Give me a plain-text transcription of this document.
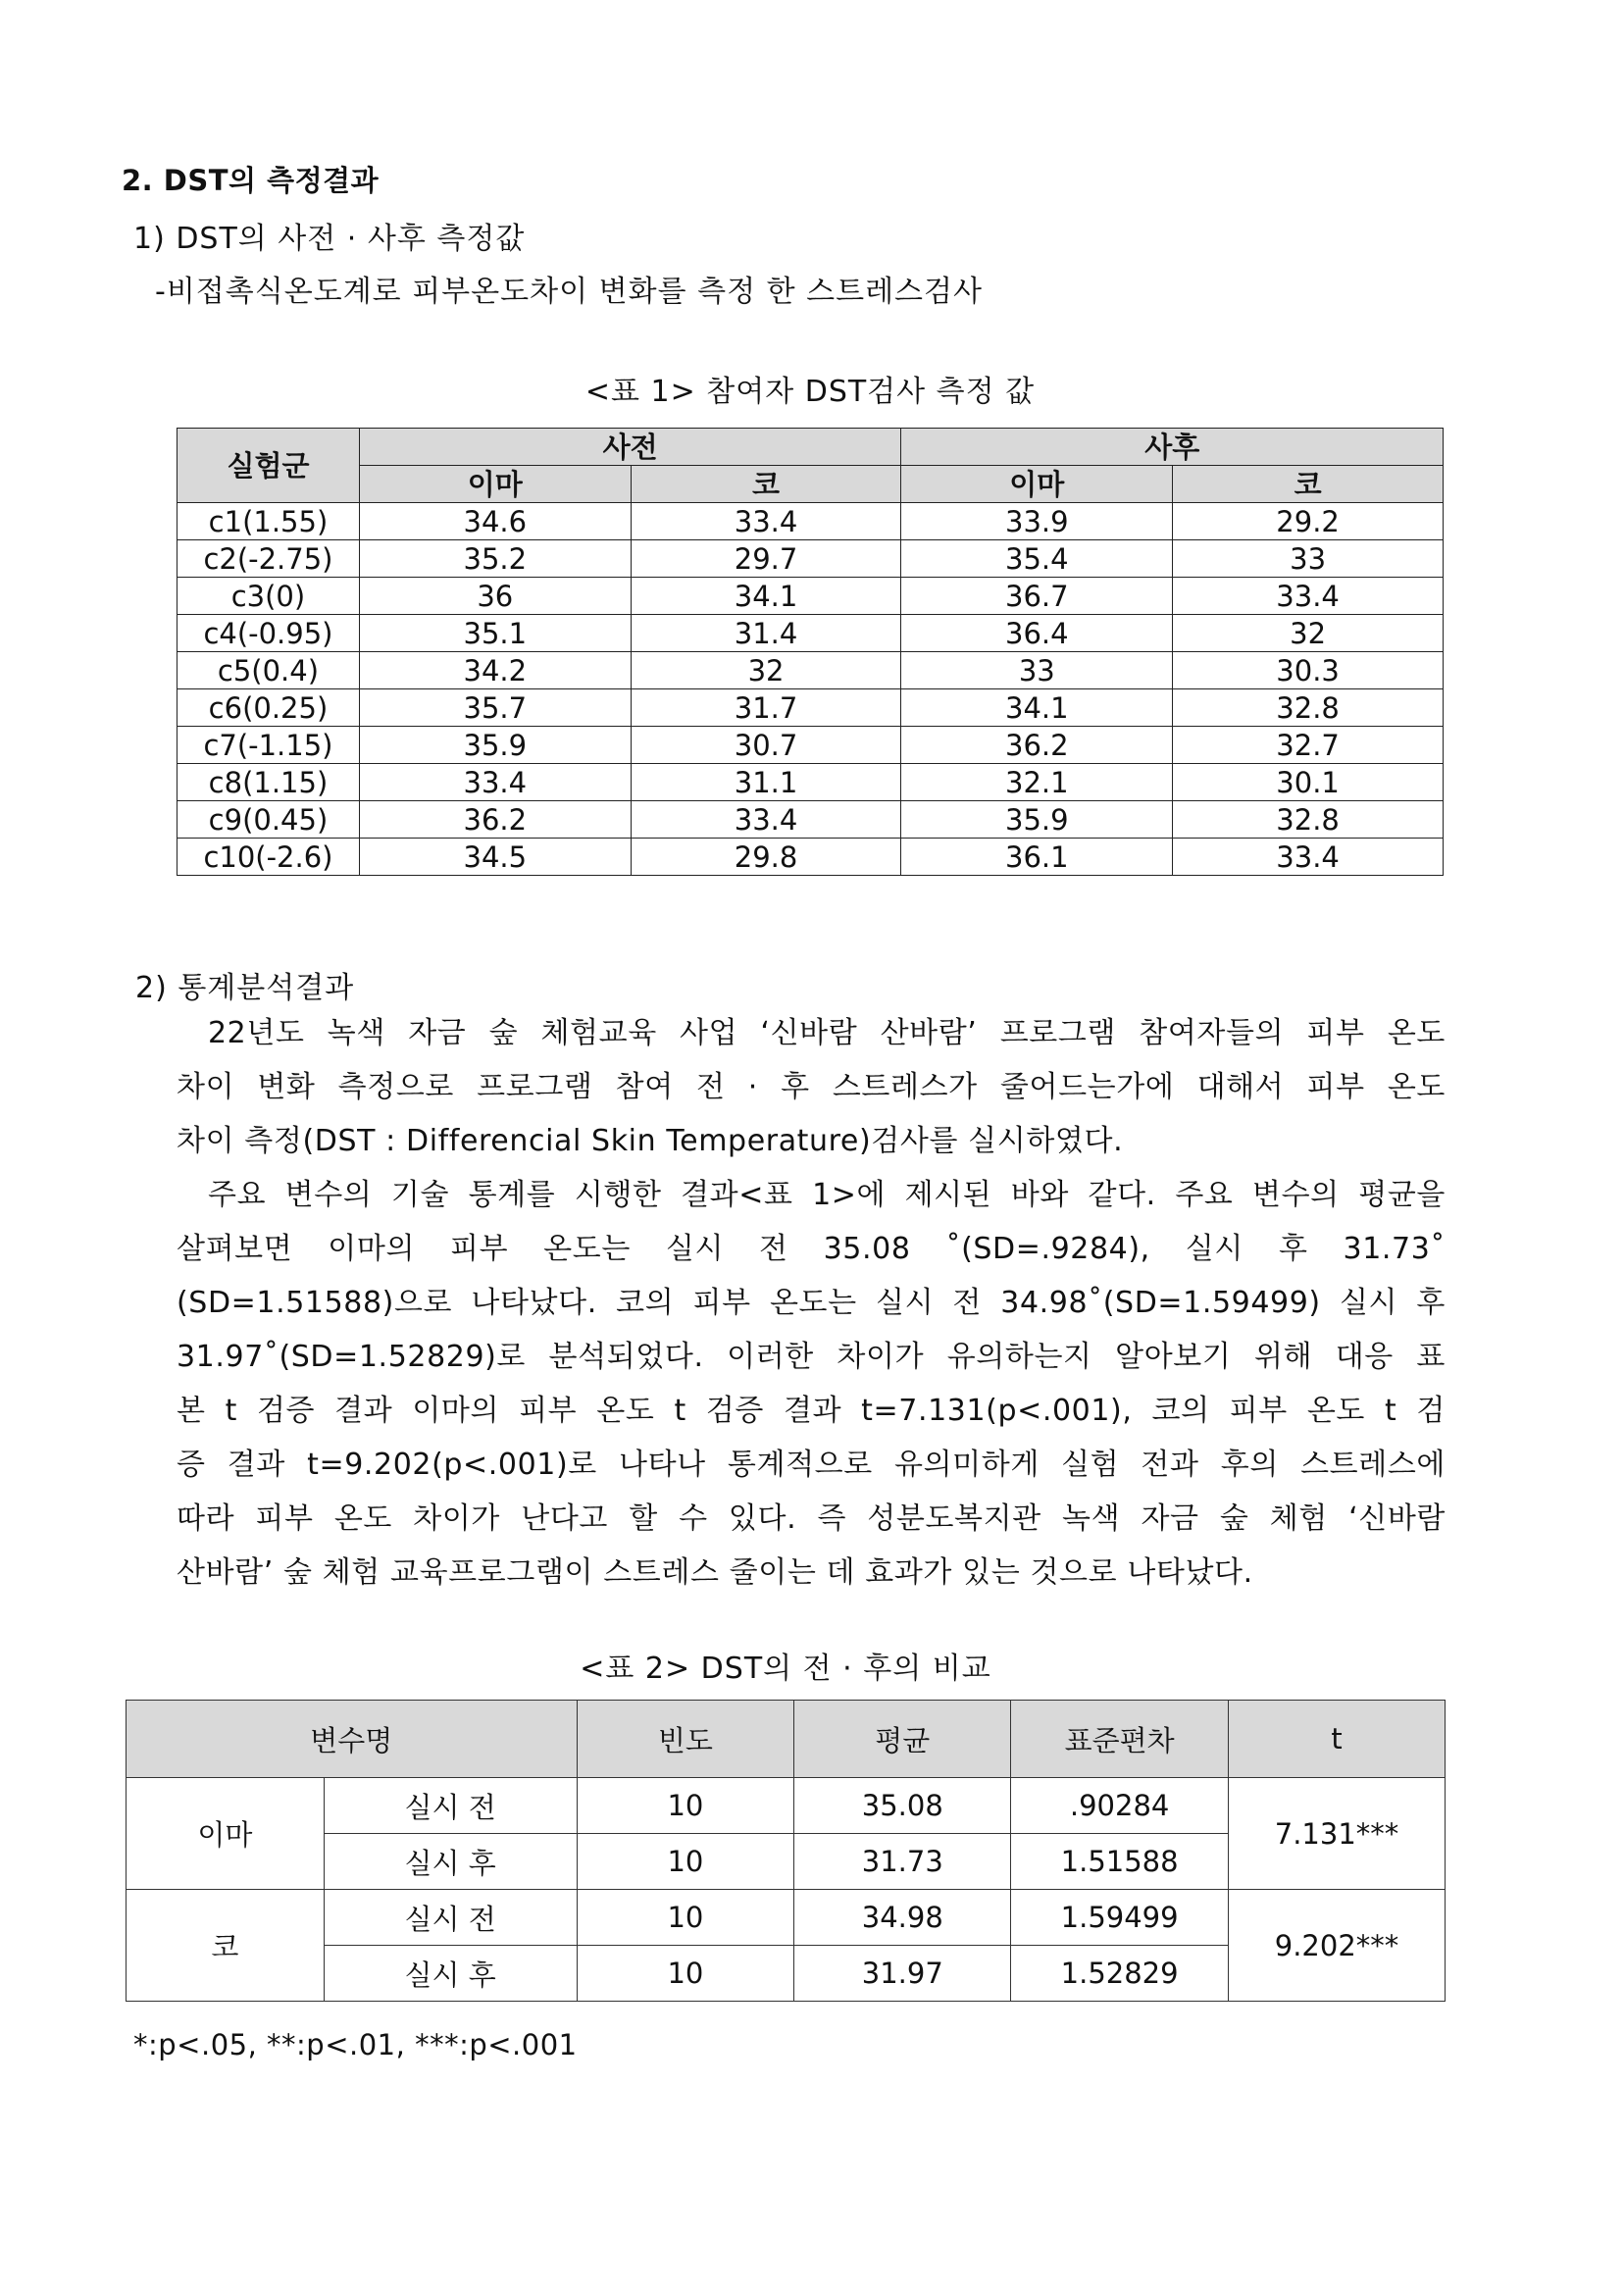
2. DST의 측정결과
1) DST의 사전 · 사후 측정값
-비접촉식온도계로 피부온도차이 변화를 측정 한 스트레스검사
<표 1> 참여자 DST검사 측정 값
실험군	사전		사후	
	이마	코	이마	코
c1(1.55)	34.6	33.4	33.9	29.2
c2(-2.75)	35.2	29.7	35.4	33
c3(0)	36	34.1	36.7	33.4
c4(-0.95)	35.1	31.4	36.4	32
c5(0.4)	34.2	32	33	30.3
c6(0.25)	35.7	31.7	34.1	32.8
c7(-1.15)	35.9	30.7	36.2	32.7
c8(1.15)	33.4	31.1	32.1	30.1
c9(0.45)	36.2	33.4	35.9	32.8
c10(-2.6)	34.5	29.8	36.1	33.4
2) 통계분석결과
22년도 녹색 자금 숲 체험교육 사업 ‘신바람 산바람’ 프로그램 참여자들의 피부 온도
차이 변화 측정으로 프로그램 참여 전 · 후 스트레스가 줄어드는가에 대해서 피부 온도
차이 측정(DST : Differencial Skin Temperature)검사를 실시하였다.
주요 변수의 기술 통계를 시행한 결과<표 1>에 제시된 바와 같다. 주요 변수의 평균을
살펴보면 이마의 피부 온도는 실시 전 35.08 ˚(SD=.9284), 실시 후 31.73˚
(SD=1.51588)으로 나타났다. 코의 피부 온도는 실시 전 34.98˚(SD=1.59499) 실시 후
31.97˚(SD=1.52829)로 분석되었다. 이러한 차이가 유의하는지 알아보기 위해 대응 표
본 t 검증 결과 이마의 피부 온도 t 검증 결과 t=7.131(p<.001), 코의 피부 온도 t 검
증 결과 t=9.202(p<.001)로 나타나 통계적으로 유의미하게 실험 전과 후의 스트레스에
따라 피부 온도 차이가 난다고 할 수 있다. 즉 성분도복지관 녹색 자금 숲 체험 ‘신바람
산바람’ 숲 체험 교육프로그램이 스트레스 줄이는 데 효과가 있는 것으로 나타났다.
<표 2> DST의 전 · 후의 비교
변수명		빈도	평균	표준편차	t
이마	실시 전	10	35.08	.90284	7.131***
	실시 후	10	31.73	1.51588	
코	실시 전	10	34.98	1.59499	9.202***
	실시 후	10	31.97	1.52829	
*:p<.05, **:p<.01, ***:p<.001
